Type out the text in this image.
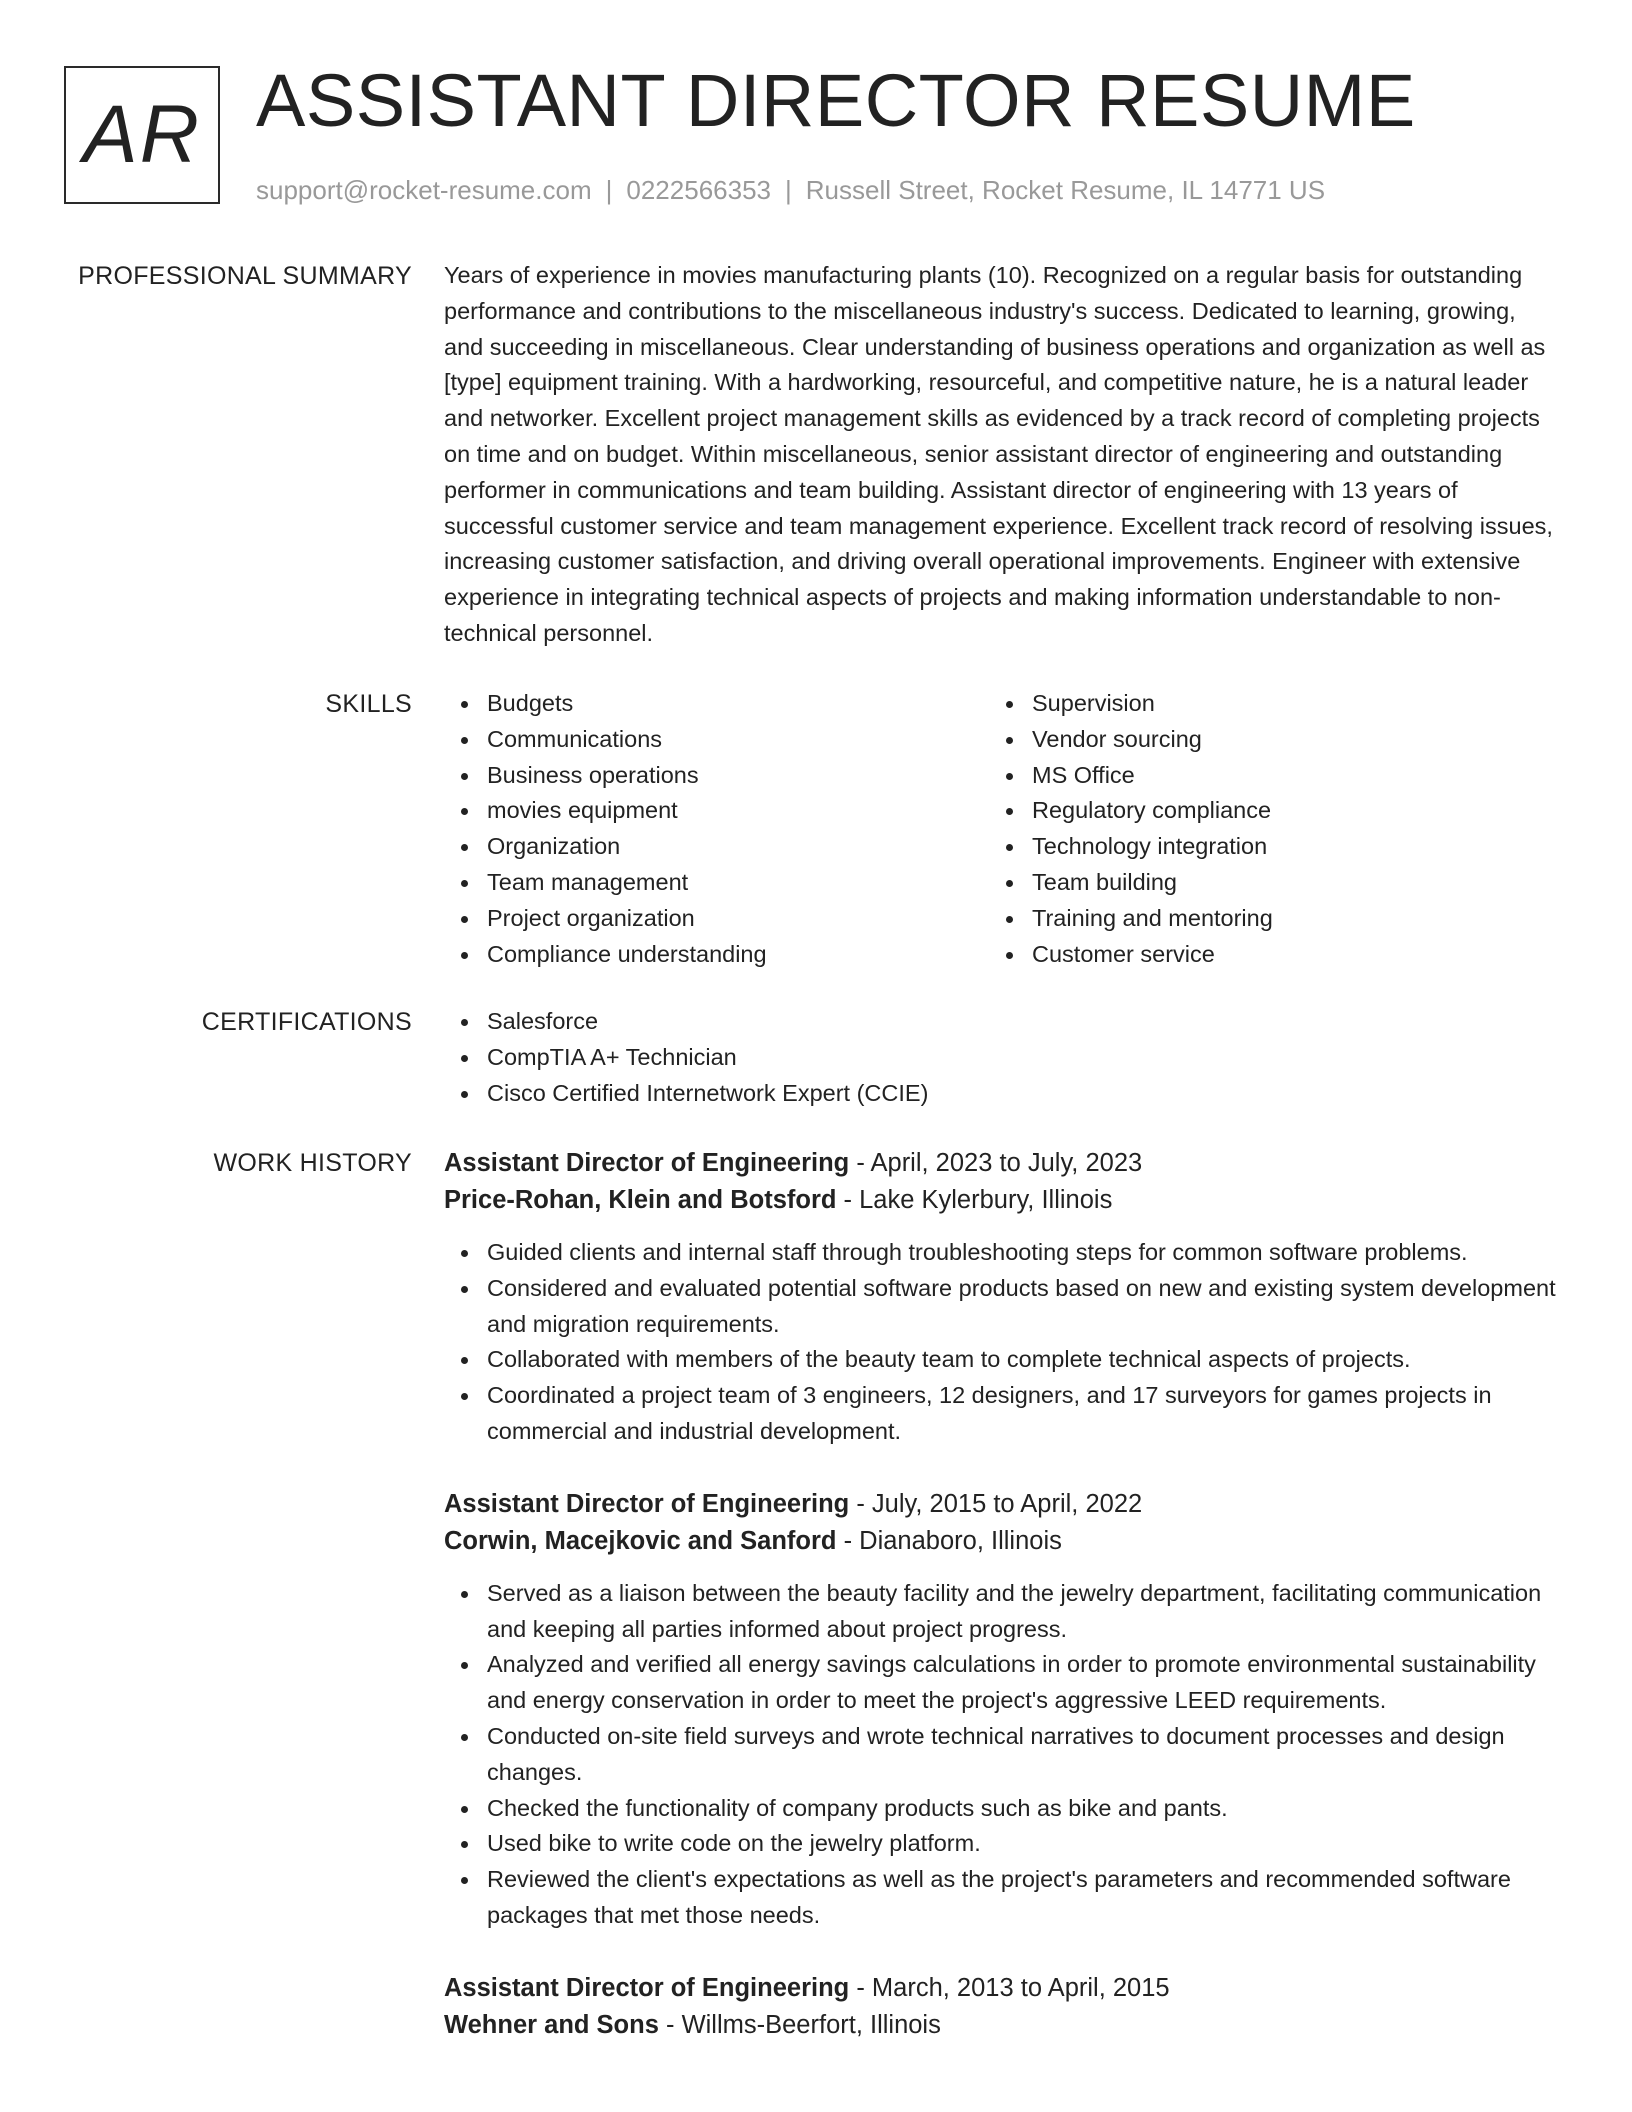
AR ASSISTANT DIRECTOR RESUME
support@rocket-resume.com | 0222566353 | Russell Street, Rocket Resume, IL 14771 US
PROFESSIONAL SUMMARY Years of experience in movies manufacturing plants (10). Recognized on a regular basis for outstanding performance and contributions to the miscellaneous industry's success. Dedicated to learning, growing, and succeeding in miscellaneous. Clear understanding of business operations and organization as well as [type] equipment training. With a hardworking, resourceful, and competitive nature, he is a natural leader and networker. Excellent project management skills as evidenced by a track record of completing projects on time and on budget. Within miscellaneous, senior assistant director of engineering and outstanding performer in communications and team building. Assistant director of engineering with 13 years of successful customer service and team management experience. Excellent track record of resolving issues, increasing customer satisfaction, and driving overall operational improvements. Engineer with extensive experience in integrating technical aspects of projects and making information understandable to non-technical personnel.

SKILLS	Budgets
Communications
Business operations
movies equipment
Organization
Team management
Project organization
Compliance understanding
Supervision
Vendor sourcing
MS Office
Regulatory compliance
Technology integration
Team building
Training and mentoring
Customer service
CERTIFICATIONS	Salesforce
CompTIA A+ Technician
Cisco Certified Internetwork Expert (CCIE)
WORK HISTORY Assistant Director of Engineering - April, 2023 to July, 2023
Price-Rohan, Klein and Botsford - Lake Kylerbury, Illinois
Guided clients and internal staff through troubleshooting steps for common software problems.
Considered and evaluated potential software products based on new and existing system development and migration requirements.
Collaborated with members of the beauty team to complete technical aspects of projects.
Coordinated a project team of 3 engineers, 12 designers, and 17 surveyors for games projects in commercial and industrial development.
Assistant Director of Engineering - July, 2015 to April, 2022
Corwin, Macejkovic and Sanford - Dianaboro, Illinois
Served as a liaison between the beauty facility and the jewelry department, facilitating communication and keeping all parties informed about project progress.
Analyzed and verified all energy savings calculations in order to promote environmental sustainability and energy conservation in order to meet the project's aggressive LEED requirements.
Conducted on-site field surveys and wrote technical narratives to document processes and design changes.
Checked the functionality of company products such as bike and pants.
Used bike to write code on the jewelry platform.
Reviewed the client's expectations as well as the project's parameters and recommended software packages that met those needs.
Assistant Director of Engineering - March, 2013 to April, 2015
Wehner and Sons - Willms-Beerfort, Illinois
